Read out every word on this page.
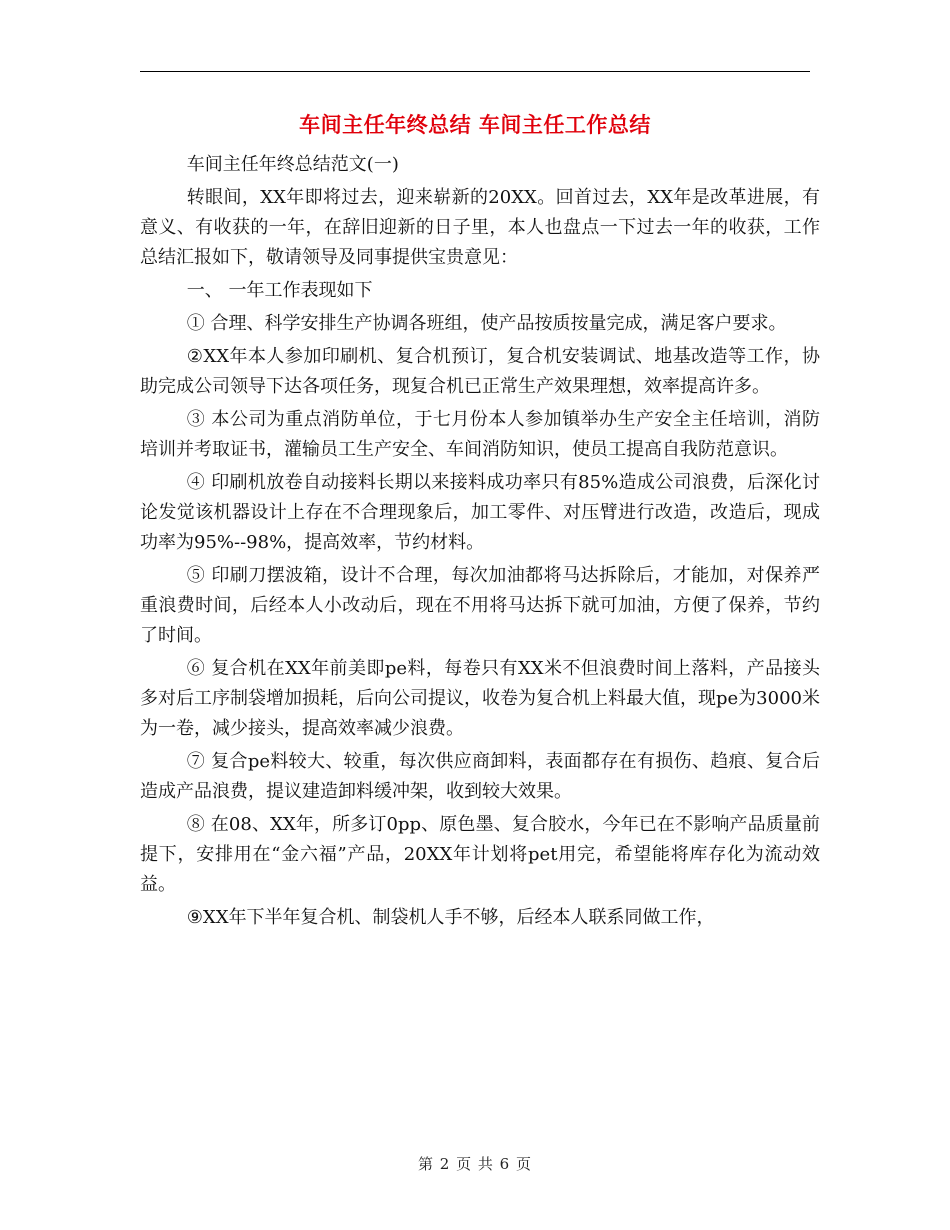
车间主任年终总结 车间主任工作总结

车间主任年终总结范文(一)

转眼间，XX年即将过去，迎来崭新的20XX。回首过去，XX年是改革进展，有意义、有收获的一年，在辞旧迎新的日子里，本人也盘点一下过去一年的收获，工作总结汇报如下，敬请领导及同事提供宝贵意见：

一、 一年工作表现如下

① 合理、科学安排生产协调各班组，使产品按质按量完成，满足客户要求。

②XX年本人参加印刷机、复合机预订，复合机安装调试、地基改造等工作，协助完成公司领导下达各项任务，现复合机已正常生产效果理想，效率提高许多。

③ 本公司为重点消防单位，于七月份本人参加镇举办生产安全主任培训，消防培训并考取证书，灌输员工生产安全、车间消防知识，使员工提高自我防范意识。

④ 印刷机放卷自动接料长期以来接料成功率只有85%造成公司浪费，后深化讨论发觉该机器设计上存在不合理现象后，加工零件、对压臂进行改造，改造后，现成功率为95%--98%，提高效率，节约材料。

⑤ 印刷刀摆波箱，设计不合理，每次加油都将马达拆除后，才能加，对保养严重浪费时间，后经本人小改动后，现在不用将马达拆下就可加油，方便了保养，节约了时间。

⑥ 复合机在XX年前美即pe料，每卷只有XX米不但浪费时间上落料，产品接头多对后工序制袋增加损耗，后向公司提议，收卷为复合机上料最大值，现pe为3000米为一卷，减少接头，提高效率减少浪费。

⑦ 复合pe料较大、较重，每次供应商卸料，表面都存在有损伤、趋痕、复合后造成产品浪费，提议建造卸料缓冲架，收到较大效果。

⑧ 在08、XX年，所多订0pp、原色墨、复合胶水，今年已在不影响产品质量前提下，安排用在“金六福”产品，20XX年计划将pet用完，希望能将库存化为流动效益。

⑨XX年下半年复合机、制袋机人手不够，后经本人联系同做工作，

第 2 页 共 6 页
